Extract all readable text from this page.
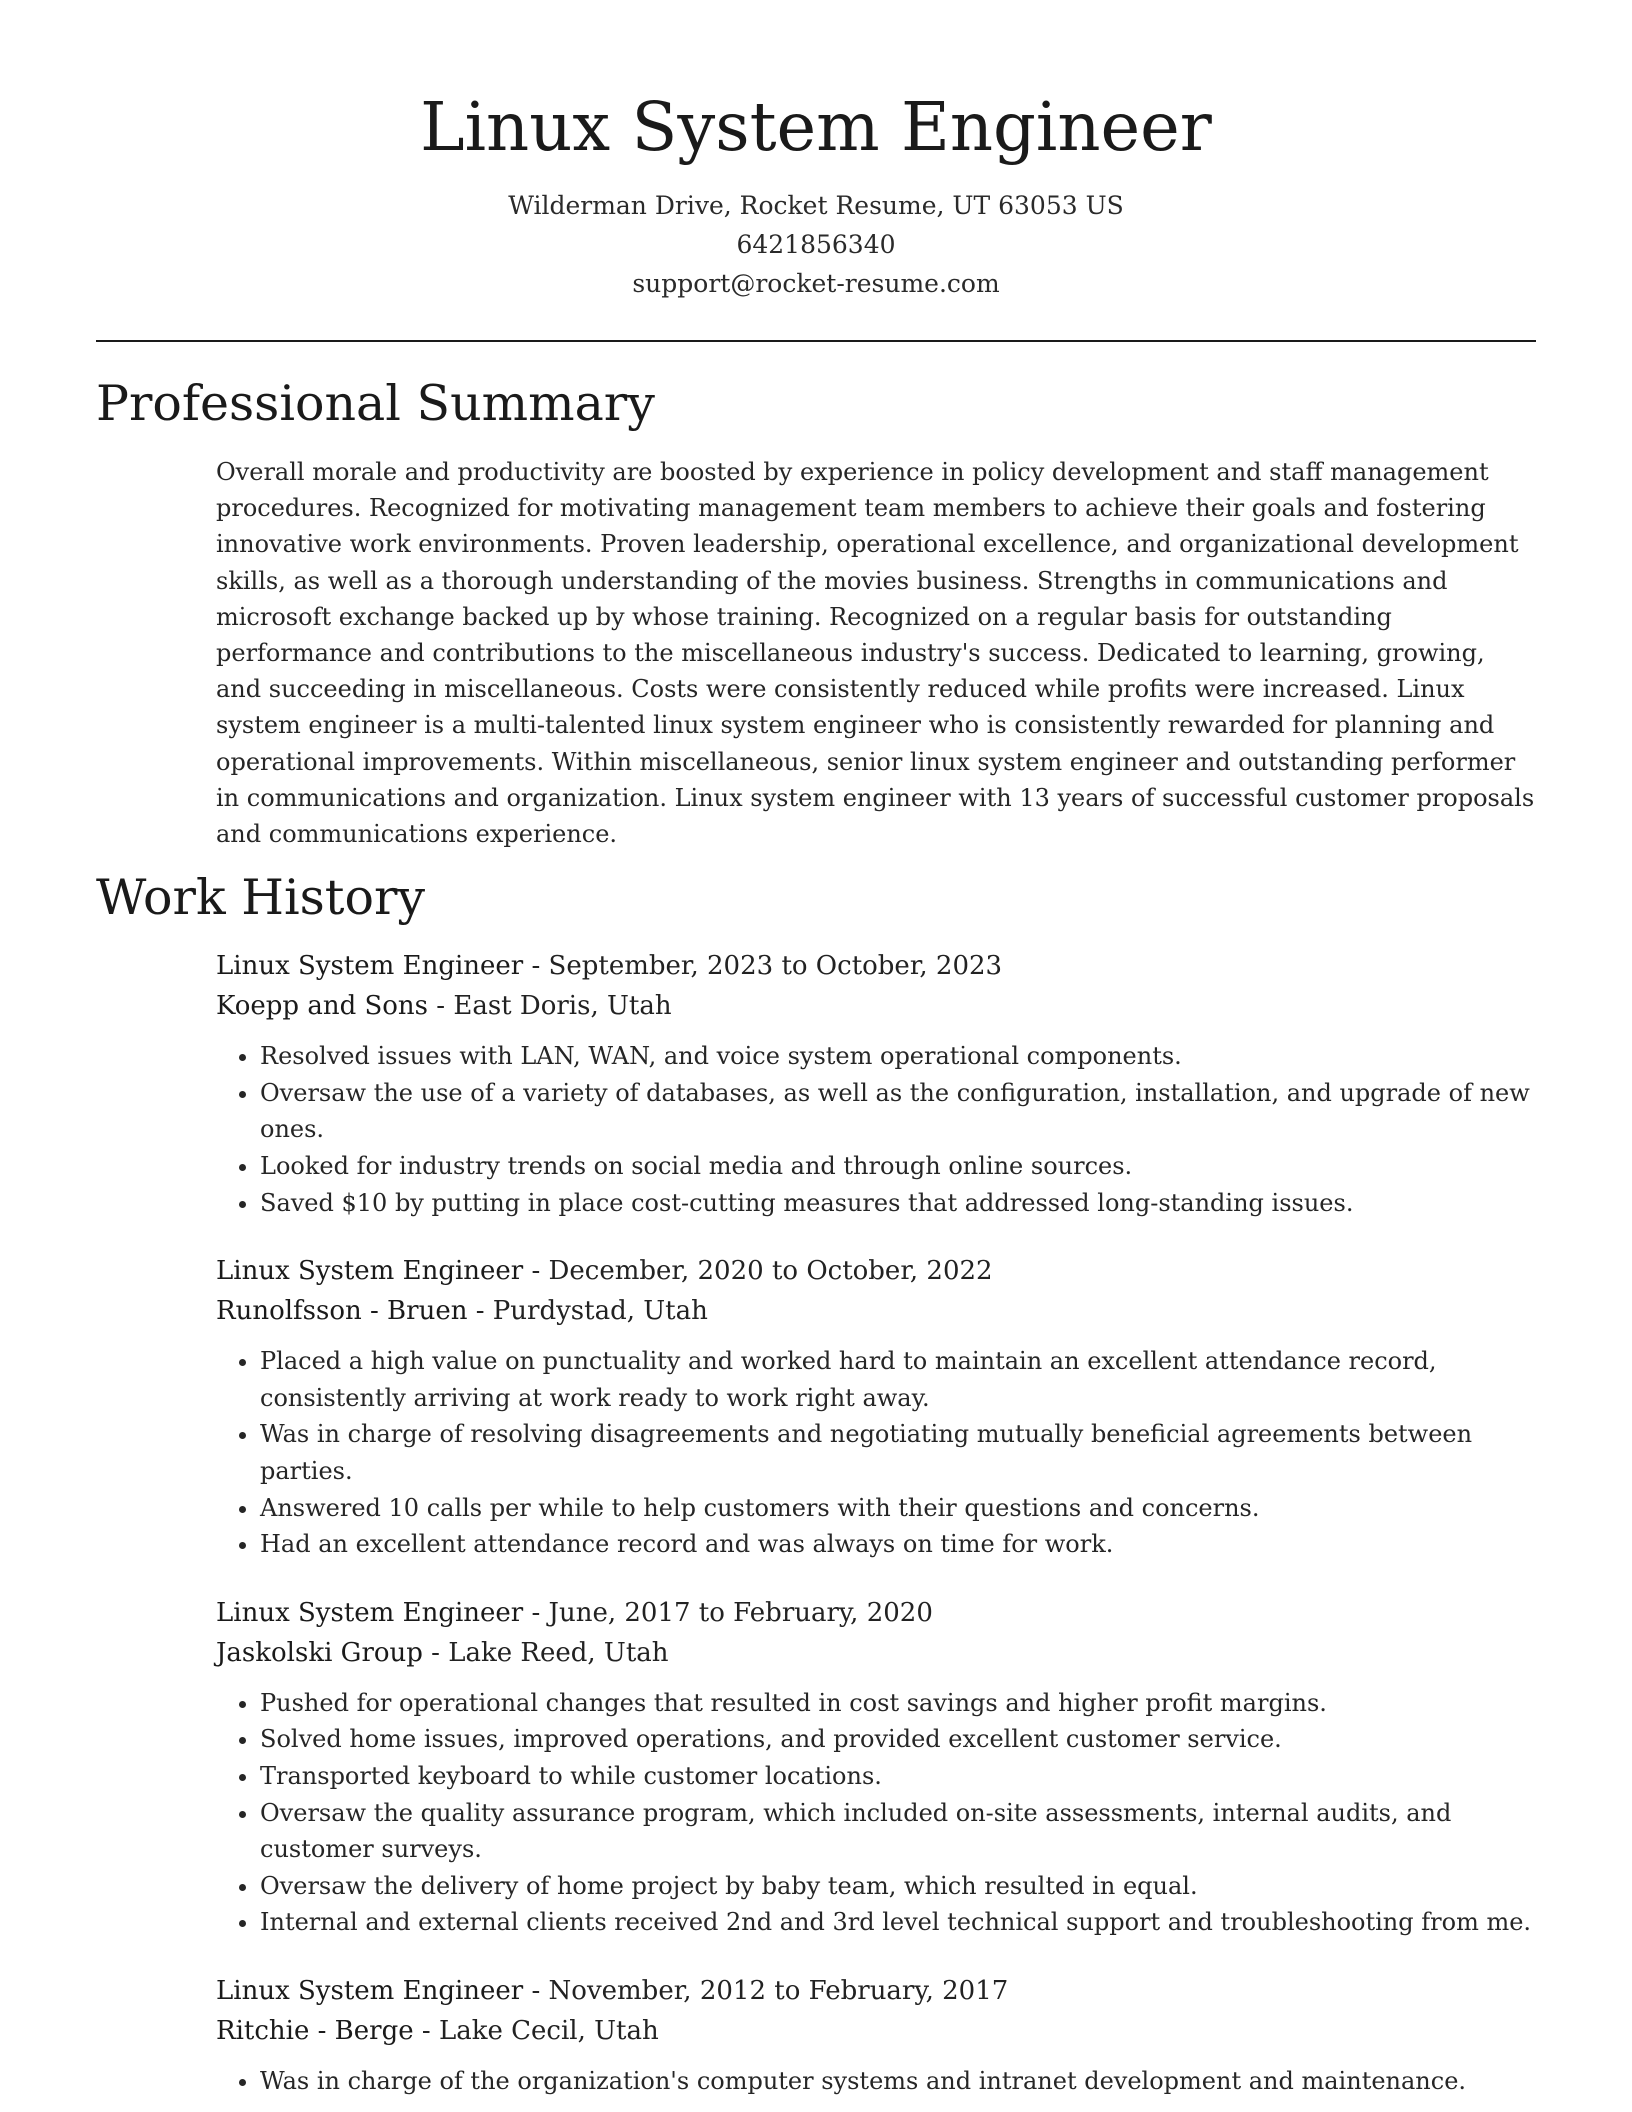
Linux System Engineer
Wilderman Drive, Rocket Resume, UT 63053 US
6421856340
support@rocket-resume.com
Professional Summary
Overall morale and productivity are boosted by experience in policy development and staff management procedures. Recognized for motivating management team members to achieve their goals and fostering innovative work environments. Proven leadership, operational excellence, and organizational development skills, as well as a thorough understanding of the movies business. Strengths in communications and microsoft exchange backed up by whose training. Recognized on a regular basis for outstanding performance and contributions to the miscellaneous industry's success. Dedicated to learning, growing, and succeeding in miscellaneous. Costs were consistently reduced while profits were increased. Linux system engineer is a multi-talented linux system engineer who is consistently rewarded for planning and operational improvements. Within miscellaneous, senior linux system engineer and outstanding performer in communications and organization. Linux system engineer with 13 years of successful customer proposals and communications experience.
Work History
Linux System Engineer - September, 2023 to October, 2023
Koepp and Sons - East Doris, Utah
• Resolved issues with LAN, WAN, and voice system operational components.
• Oversaw the use of a variety of databases, as well as the configuration, installation, and upgrade of new ones.
• Looked for industry trends on social media and through online sources.
• Saved $10 by putting in place cost-cutting measures that addressed long-standing issues.
Linux System Engineer - December, 2020 to October, 2022
Runolfsson - Bruen - Purdystad, Utah
• Placed a high value on punctuality and worked hard to maintain an excellent attendance record, consistently arriving at work ready to work right away.
• Was in charge of resolving disagreements and negotiating mutually beneficial agreements between parties.
• Answered 10 calls per while to help customers with their questions and concerns.
• Had an excellent attendance record and was always on time for work.
Linux System Engineer - June, 2017 to February, 2020
Jaskolski Group - Lake Reed, Utah
• Pushed for operational changes that resulted in cost savings and higher profit margins.
• Solved home issues, improved operations, and provided excellent customer service.
• Transported keyboard to while customer locations.
• Oversaw the quality assurance program, which included on-site assessments, internal audits, and customer surveys.
• Oversaw the delivery of home project by baby team, which resulted in equal.
• Internal and external clients received 2nd and 3rd level technical support and troubleshooting from me.
Linux System Engineer - November, 2012 to February, 2017
Ritchie - Berge - Lake Cecil, Utah
• Was in charge of the organization's computer systems and intranet development and maintenance.
